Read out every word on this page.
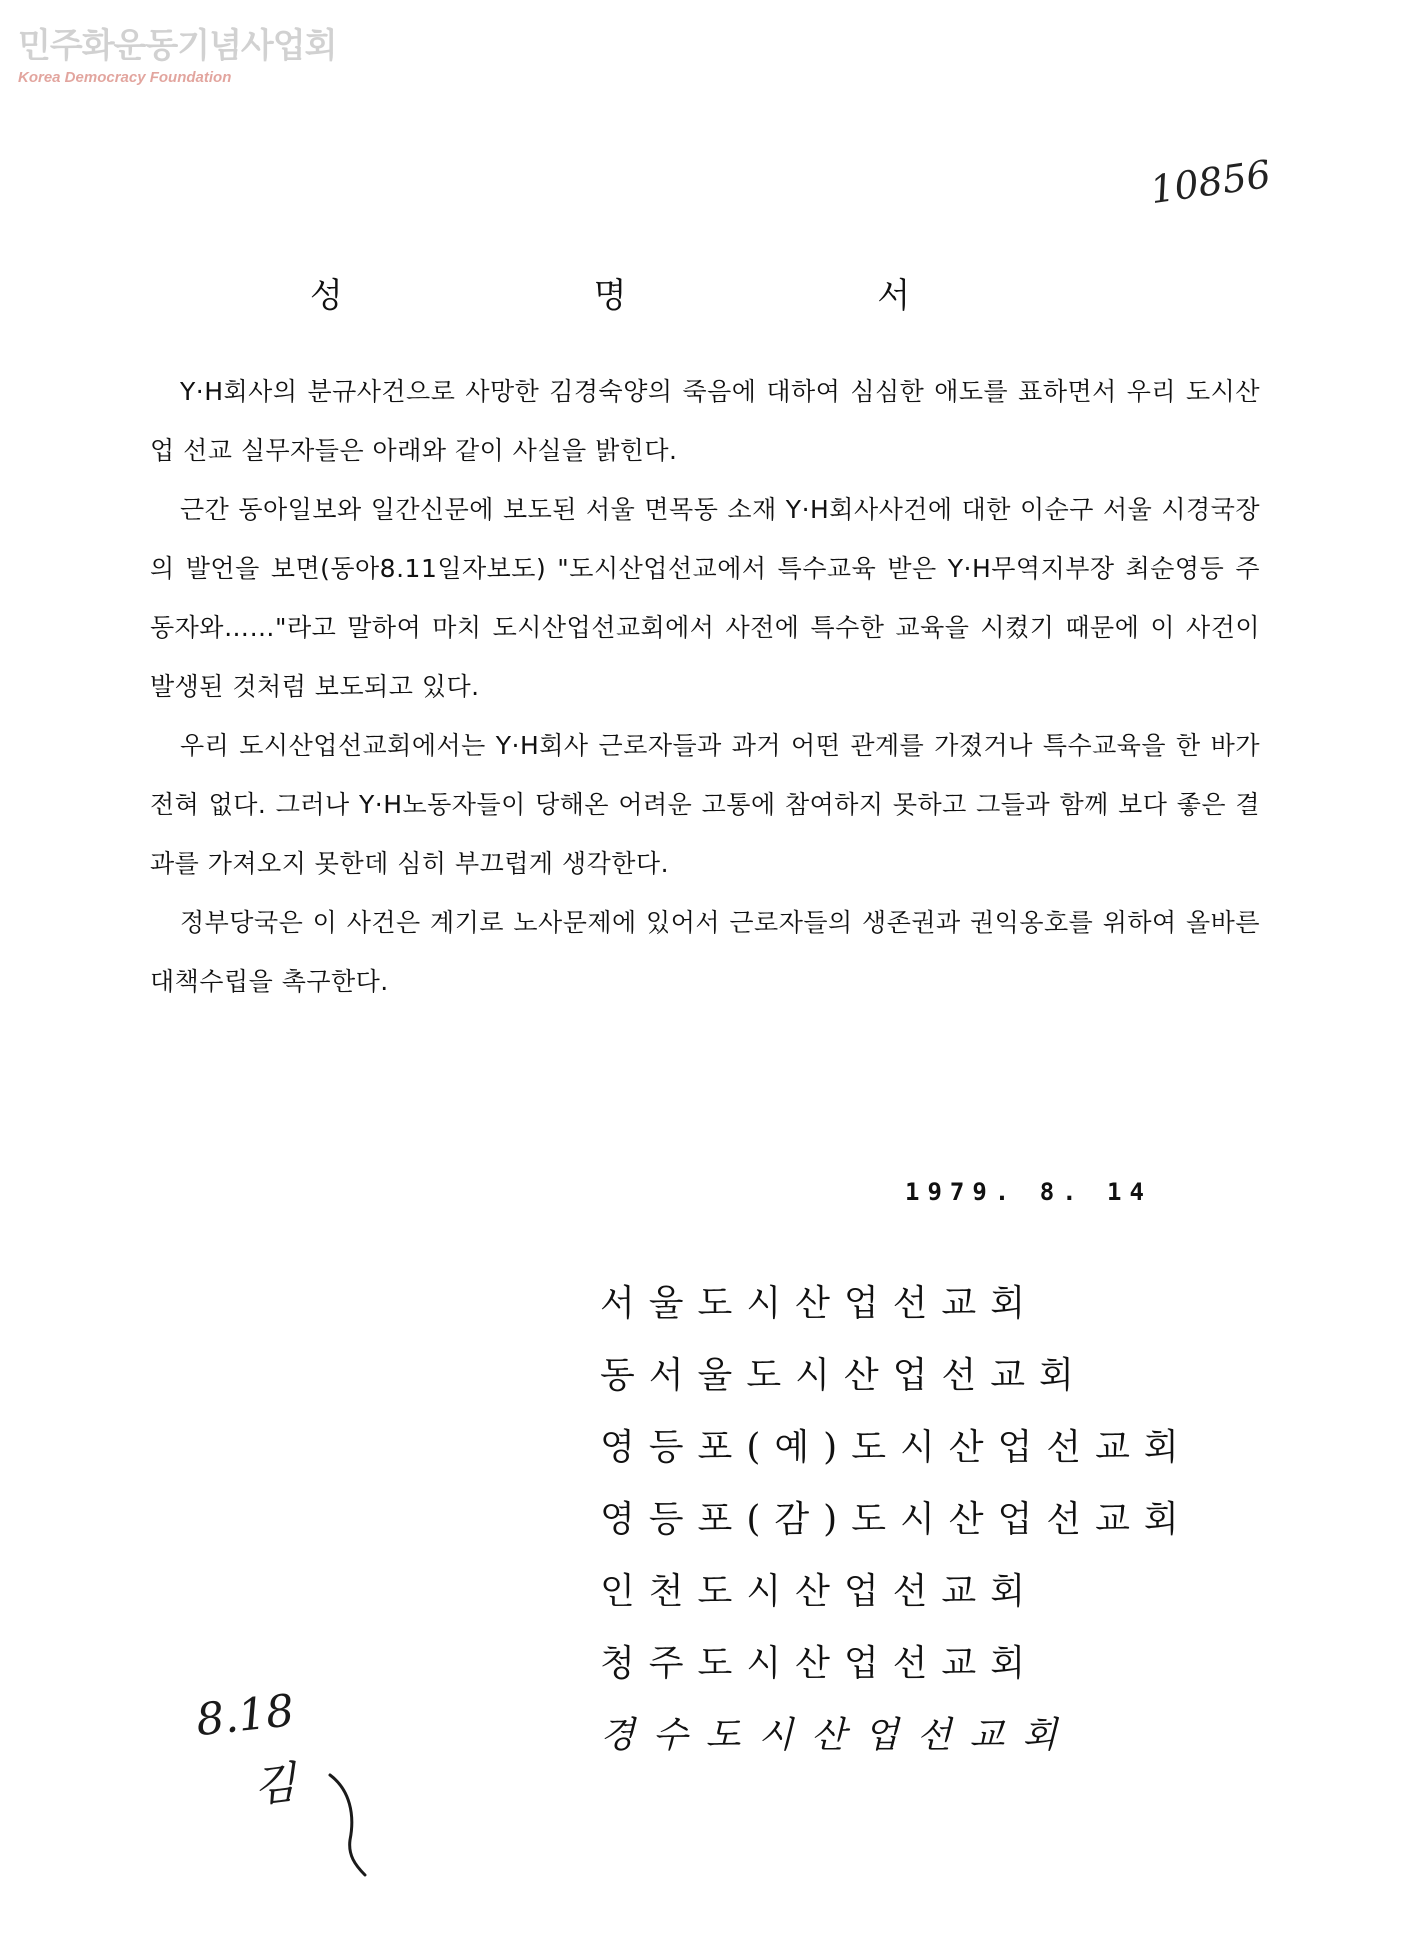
민주화운동기념사업회
Korea Democracy Foundation
10856
성 명 서

Y·H회사의 분규사건으로 사망한 김경숙양의 죽음에 대하여 심심한 애도를 표하면서 우리 도시산업 선교 실무자들은 아래와 같이 사실을 밝힌다.

근간 동아일보와 일간신문에 보도된 서울 면목동 소재 Y·H회사사건에 대한 이순구 서울 시경국장의 발언을 보면(동아8.11일자보도) "도시산업선교에서 특수교육 받은 Y·H무역지부장 최순영등 주동자와……"라고 말하여 마치 도시산업선교회에서 사전에 특수한 교육을 시켰기 때문에 이 사건이 발생된 것처럼 보도되고 있다.

우리 도시산업선교회에서는 Y·H회사 근로자들과 과거 어떤 관계를 가졌거나 특수교육을 한 바가 전혀 없다. 그러나 Y·H노동자들이 당해온 어려운 고통에 참여하지 못하고 그들과 함께 보다 좋은 결과를 가져오지 못한데 심히 부끄럽게 생각한다.

정부당국은 이 사건은 계기로 노사문제에 있어서 근로자들의 생존권과 권익옹호를 위하여 올바른 대책수립을 촉구한다.

1979. 8. 14
서울도시산업선교회
동서울도시산업선교회
영등포(예)도시산업선교회
영등포(감)도시산업선교회
인천도시산업선교회
청주도시산업선교회
경수도시산업선교회
8.18
김
